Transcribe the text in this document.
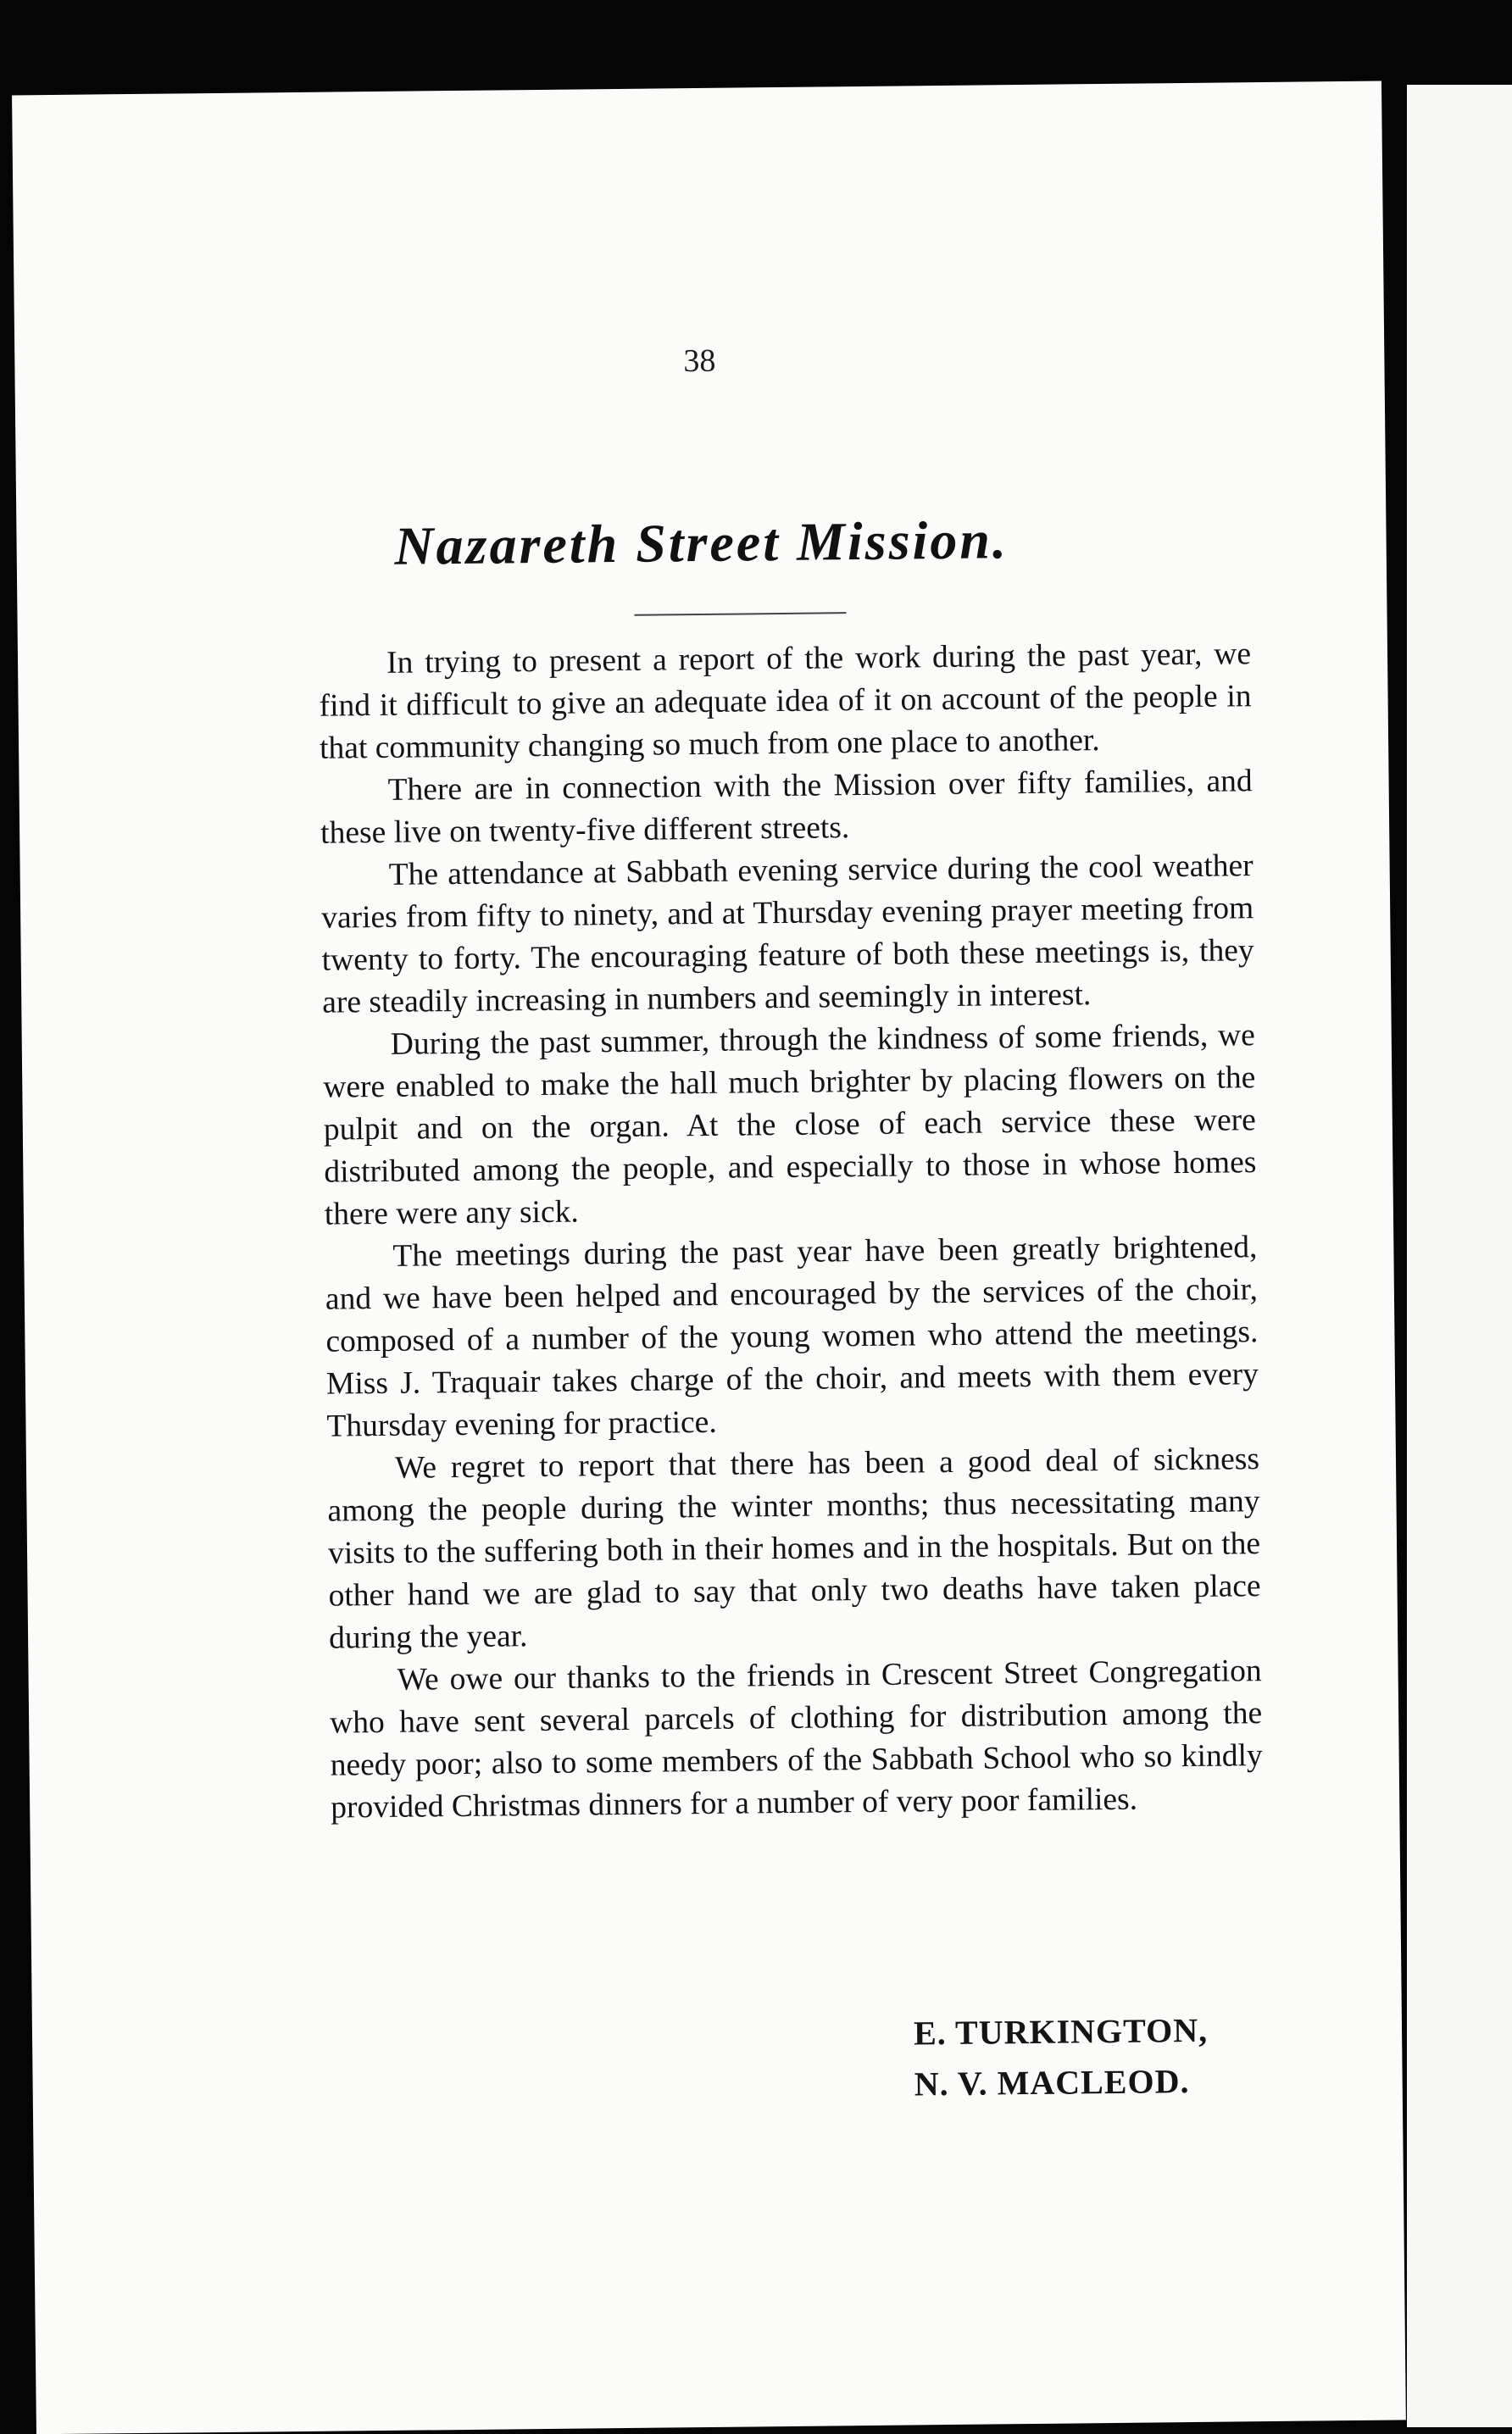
38
Nazareth Street Mission.

In trying to present a report of the work during the past year, we find it difficult to give an adequate idea of it on account of the people in that community changing so much from one place to another.

There are in connection with the Mission over fifty families, and these live on twenty-five different streets.

The attendance at Sabbath evening service during the cool weather varies from fifty to ninety, and at Thursday evening prayer meeting from twenty to forty. The encouraging feature of both these meetings is, they are steadily increasing in numbers and seemingly in interest.

During the past summer, through the kindness of some friends, we were enabled to make the hall much brighter by placing flowers on the pulpit and on the organ. At the close of each service these were distributed among the people, and especially to those in whose homes there were any sick.

The meetings during the past year have been greatly brightened, and we have been helped and encouraged by the services of the choir, composed of a number of the young women who attend the meetings. Miss J. Traquair takes charge of the choir, and meets with them every Thursday evening for practice.

We regret to report that there has been a good deal of sickness among the people during the winter months; thus necessitating many visits to the suffering both in their homes and in the hospitals. But on the other hand we are glad to say that only two deaths have taken place during the year.

We owe our thanks to the friends in Crescent Street Congregation who have sent several parcels of clothing for distribution among the needy poor; also to some members of the Sabbath School who so kindly provided Christmas dinners for a number of very poor families.

E. TURKINGTON,
N. V. MACLEOD.
